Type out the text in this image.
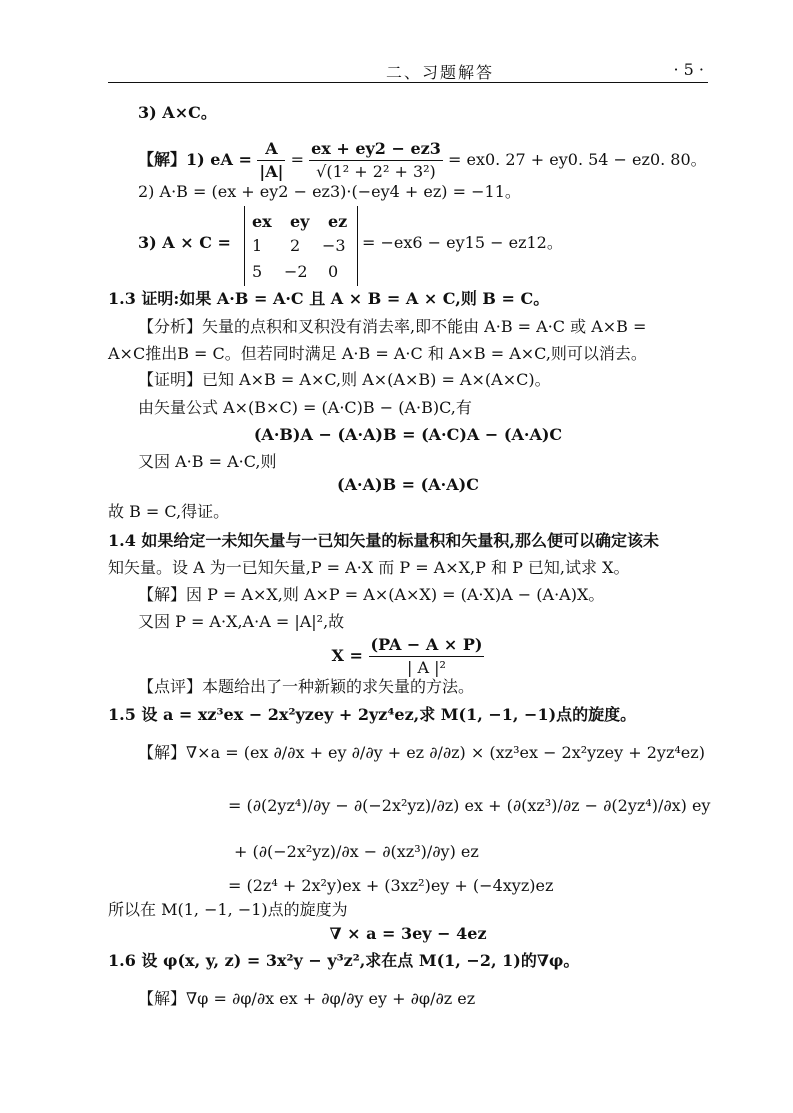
二、习题解答	· 5 ·

3) A×C。
【解】1) eA = $\frac{A}{|A|} = \frac{ex + ey2 - ez3}{\text{√(1² + 2² + 3²)}} = ex0$. 27 + ey0. 54 − ez0. 80。
2) A·B = (ex + ey2 − ez3)·(−ey4 + ez) = −11。
3) A × C =
ex ey ez
1 2 −3
5 −2 0
= −ex6 − ey15 − ez12。
1.3 证明:如果 A·B = A·C 且 A × B = A × C,则 B = C。
【分析】矢量的点积和叉积没有消去率,即不能由 A·B = A·C 或 A×B =
A×C推出B = C。但若同时满足 A·B = A·C 和 A×B = A×C,则可以消去。
【证明】已知 A×B = A×C,则 A×(A×B) = A×(A×C)。
由矢量公式 A×(B×C) = (A·C)B − (A·B)C,有
(A·B)A − (A·A)B = (A·C)A − (A·A)C
又因 A·B = A·C,则
(A·A)B = (A·A)C
故 B = C,得证。
1.4 如果给定一未知矢量与一已知矢量的标量积和矢量积,那么便可以确定该未
知矢量。设 A 为一已知矢量,P = A·X 而 P = A×X,P 和 P 已知,试求 X。
【解】因 P = A×X,则 A×P = A×(A×X) = (A·X)A − (A·A)X。
又因 P = A·X,A·A = |A|²,故
$X = \frac{(PA - A \times P)}{\text{| A |²}}$
【点评】本题给出了一种新颖的求矢量的方法。
1.5 设 a = xz³ex − 2x²yzey + 2yz⁴ez,求 M(1, −1, −1)点的旋度。
【解】∇×a = (ex ∂/∂x + ey ∂/∂y + ez ∂/∂z) × (xz³ex − 2x²yzey + 2yz⁴ez)
= (∂(2yz⁴)/∂y − ∂(−2x²yz)/∂z) ex + (∂(xz³)/∂z − ∂(2yz⁴)/∂x) ey
+ (∂(−2x²yz)/∂x − ∂(xz³)/∂y) ez
= (2z⁴ + 2x²y)ex + (3xz²)ey + (−4xyz)ez
所以在 M(1, −1, −1)点的旋度为
∇ × a = 3ey − 4ez
1.6 设 φ(x, y, z) = 3x²y − y³z²,求在点 M(1, −2, 1)的∇φ。
【解】∇φ = ∂φ/∂x ex + ∂φ/∂y ey + ∂φ/∂z ez
